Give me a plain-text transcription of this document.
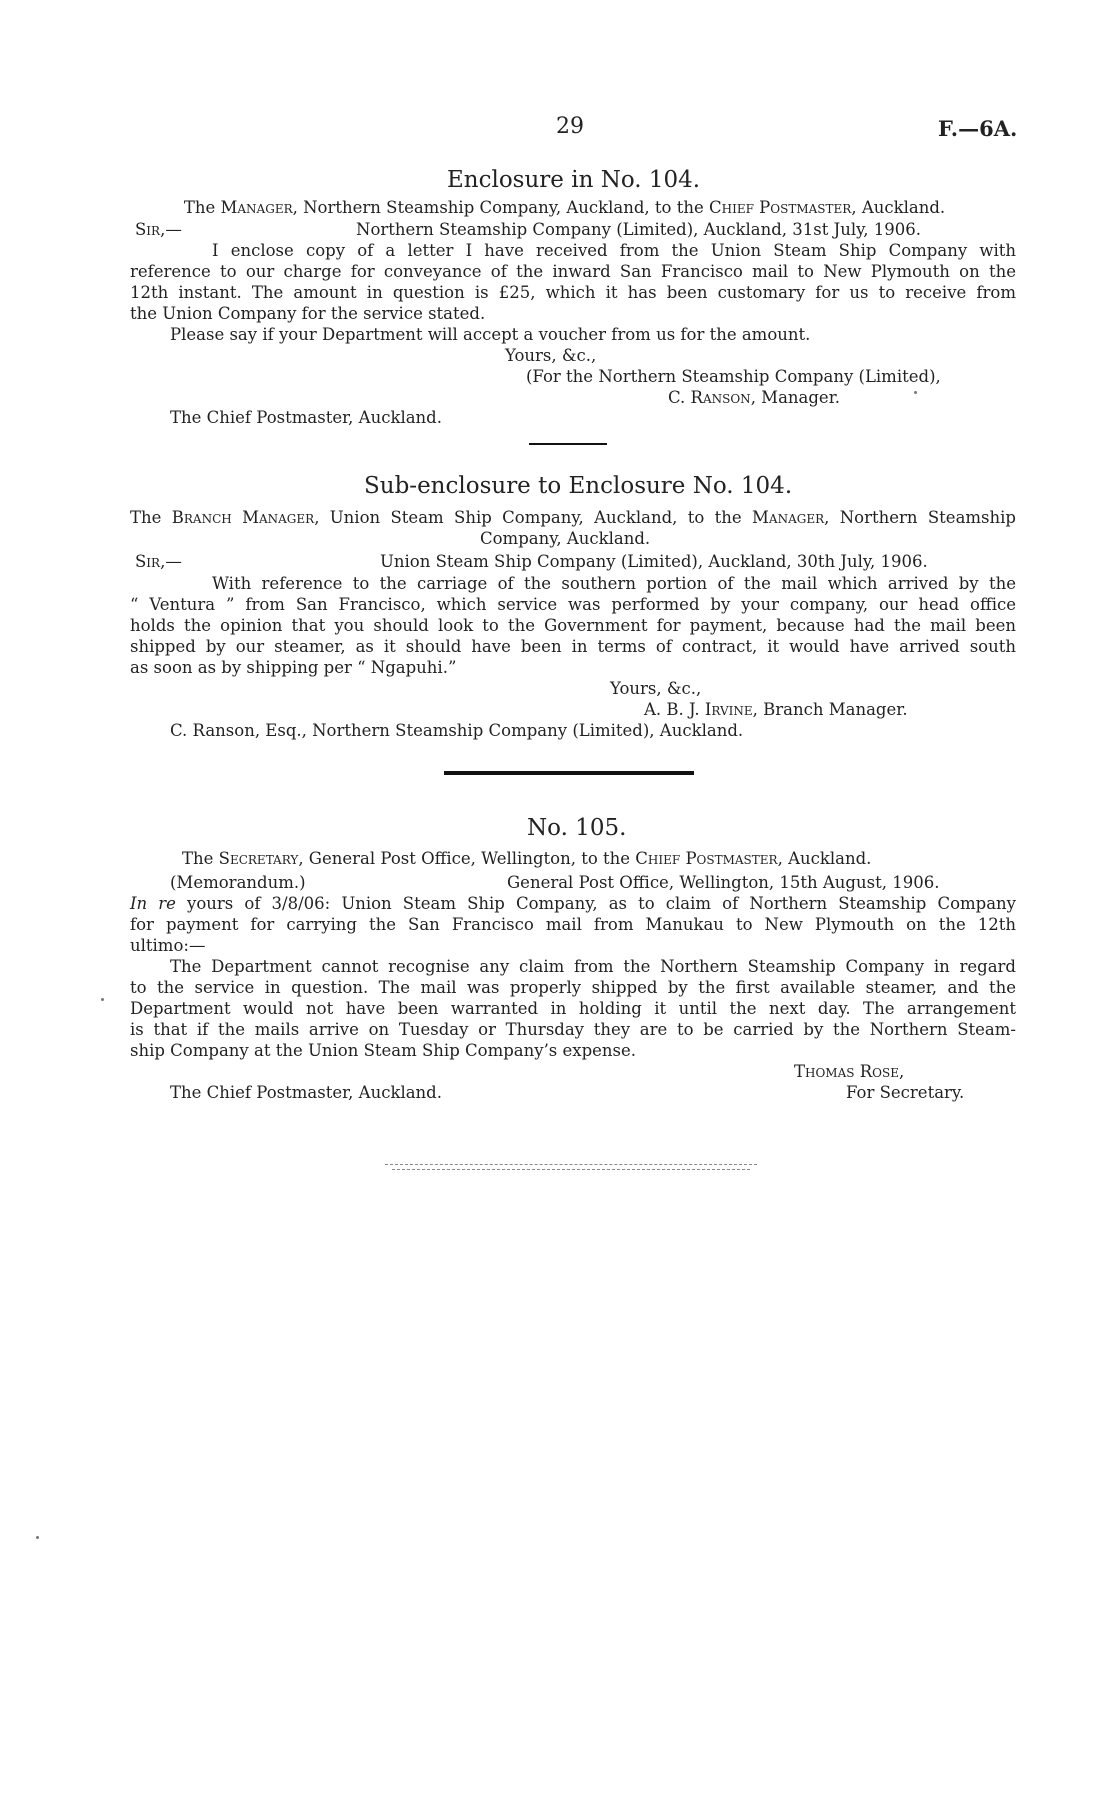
29	F.—6A.
Enclosure in No. 104.
The Manager, Northern Steamship Company, Auckland, to the Chief Postmaster, Auckland.
Sir,—	Northern Steamship Company (Limited), Auckland, 31st July, 1906.
I enclose copy of a letter I have received from the Union Steam Ship Company with
reference to our charge for conveyance of the inward San Francisco mail to New Plymouth on the
12th instant. The amount in question is £25, which it has been customary for us to receive from
the Union Company for the service stated.
Please say if your Department will accept a voucher from us for the amount.
Yours, &c.,
(For the Northern Steamship Company (Limited),
C. Ranson, Manager.
The Chief Postmaster, Auckland.
Sub-enclosure to Enclosure No. 104.
The Branch Manager, Union Steam Ship Company, Auckland, to the Manager, Northern Steamship
Company, Auckland.
Sir,—	Union Steam Ship Company (Limited), Auckland, 30th July, 1906.
With reference to the carriage of the southern portion of the mail which arrived by the
“ Ventura ” from San Francisco, which service was performed by your company, our head office
holds the opinion that you should look to the Government for payment, because had the mail been
shipped by our steamer, as it should have been in terms of contract, it would have arrived south
as soon as by shipping per “ Ngapuhi.”
Yours, &c.,
A. B. J. Irvine, Branch Manager.
C. Ranson, Esq., Northern Steamship Company (Limited), Auckland.
No. 105.
The Secretary, General Post Office, Wellington, to the Chief Postmaster, Auckland.
(Memorandum.)	General Post Office, Wellington, 15th August, 1906.
In re yours of 3/8/06: Union Steam Ship Company, as to claim of Northern Steamship Company
for payment for carrying the San Francisco mail from Manukau to New Plymouth on the 12th
ultimo:—
The Department cannot recognise any claim from the Northern Steamship Company in regard
to the service in question. The mail was properly shipped by the first available steamer, and the
Department would not have been warranted in holding it until the next day. The arrangement
is that if the mails arrive on Tuesday or Thursday they are to be carried by the Northern Steam-
ship Company at the Union Steam Ship Company’s expense.
Thomas Rose,
For Secretary.
The Chief Postmaster, Auckland.
